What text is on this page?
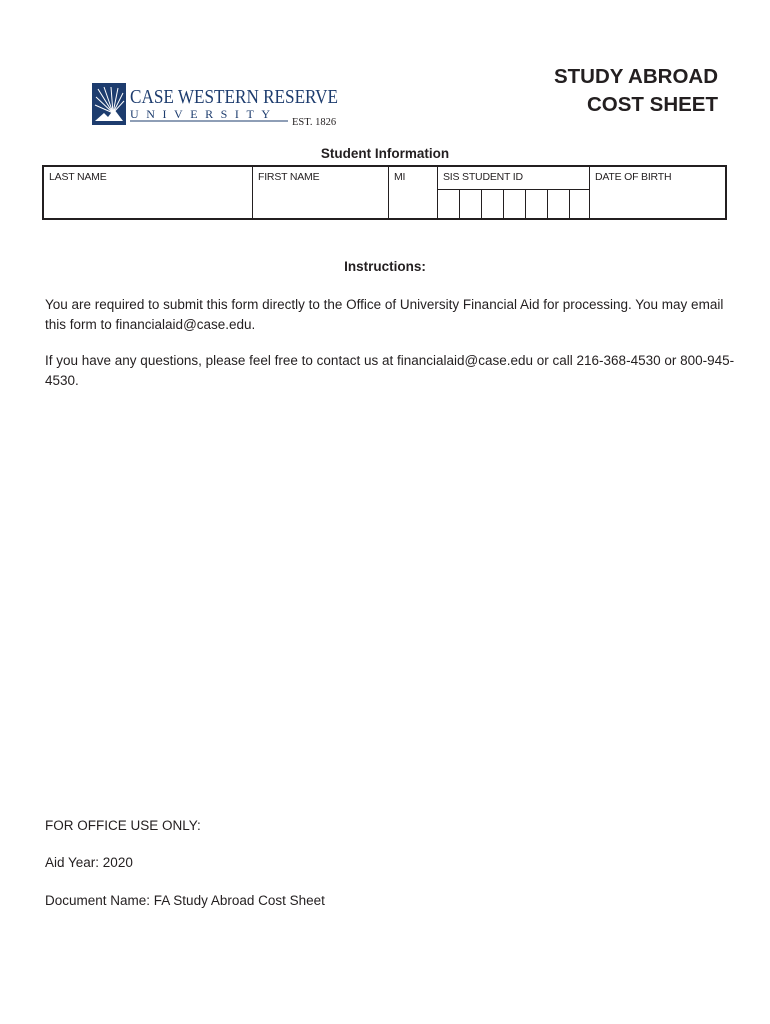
CASE WESTERN RESERVE
UNIVERSITY
EST. 1826
STUDY ABROAD
COST SHEET
Student Information
LAST NAME	FIRST NAME	MI	SIS STUDENT ID	DATE OF BIRTH
Instructions:
You are required to submit this form directly to the Office of University Financial Aid for processing. You may email this form to financialaid@case.edu.
If you have any questions, please feel free to contact us at financialaid@case.edu or call 216-368-4530 or 800-945-4530.
FOR OFFICE USE ONLY:
Aid Year: 2020
Document Name: FA Study Abroad Cost Sheet
